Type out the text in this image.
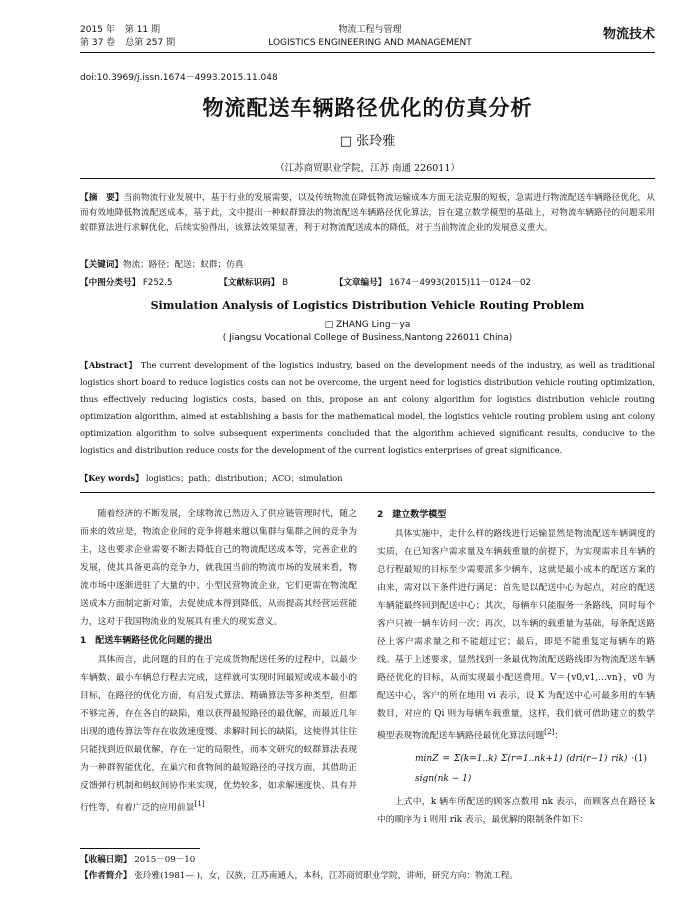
2015 年 第 11 期
第 37 卷 总第 257 期
物流工程与管理
LOGISTICS ENGINEERING AND MANAGEMENT
物流技术
doi:10.3969/j.issn.1674－4993.2015.11.048
物流配送车辆路径优化的仿真分析
□ 张玲雅
（江苏商贸职业学院，江苏 南通 226011）
【摘　要】当前物流行业发展中，基于行业的发展需要，以及传统物流在降低物流运输成本方面无法克服的短板，急需进行物流配送车辆路径优化，从而有效地降低物流配送成本，基于此，文中提出一种蚁群算法的物流配送车辆路径优化算法，旨在建立数学模型的基础上，对物流车辆路径的问题采用蚁群算法进行求解优化，后续实验得出，该算法效果显著，利于对物流配送成本的降低，对于当前物流企业的发展意义重大。
【关键词】物流；路径；配送；蚁群；仿真
【中图分类号】 F252.5	【文献标识码】 B	【文章编号】 1674－4993(2015)11－0124－02
Simulation Analysis of Logistics Distribution Vehicle Routing Problem
□ ZHANG Ling－ya
( Jiangsu Vocational College of Business,Nantong 226011 China)
【Abstract】 The current development of the logistics industry, based on the development needs of the industry, as well as traditional logistics short board to reduce logistics costs can not be overcome, the urgent need for logistics distribution vehicle routing optimization, thus effectively reducing logistics costs, based on this, propose an ant colony algorithm for logistics distribution vehicle routing optimization algorithm, aimed at establishing a basis for the mathematical model, the logistics vehicle routing problem using ant colony optimization algorithm to solve subsequent experiments concluded that the algorithm achieved significant results, conducive to the logistics and distribution reduce costs for the development of the current logistics enterprises of great significance.
【Key words】 logistics；path；distribution；ACO；simulation

随着经济的不断发展，全球物流已然迈入了供应链管理时代，随之而来的效应是，物流企业间的竞争将越来越以集群与集群之间的竞争为主，这也要求企业需要不断去降低自己的物流配送成本等，完善企业的发展，使其具备更高的竞争力，就我国当前的物流市场的发展来看，物流市场中逐渐进驻了大量的中、小型民营物流企业，它们更需在物流配送成本方面制定新对策，去促使成本得到降低，从而提高其经营运营能力，这对于我国物流业的发展具有重大的现实意义。

1　配送车辆路径优化问题的提出

具体而言，此问题的目的在于完成货物配送任务的过程中，以最少车辆数、最小车辆总行程去完成，这样就可实现时间最短或成本最小的目标，在路径的优化方面，有启发式算法、精确算法等多种类型，但都不够完善，存在各自的缺陷，难以获得最短路径的最优解，而最近几年出现的遗传算法等存在收敛速度慢、求解时间长的缺陷，这使得其往往只能找到近似最优解，存在一定的局限性，而本文研究的蚁群算法表现为一种群智能优化，在巢穴和食物间的最短路径的寻找方面，其借助正反馈弹行机制和蚂蚁间协作来实现，优势较多，如求解速度快、具有并行性等，有着广泛的应用前景[1]

2　建立数学模型

具体实施中，走什么样的路线进行运输显然是物流配送车辆调度的实质，在已知客户需求量及车辆载重量的前提下，为实现需求且车辆的总行程最短的目标至少需要派多少辆车，这就是最小成本的配送方案的由来，需对以下条件进行满足：首先是以配送中心为起点，对应的配送车辆能最终回到配送中心；其次，每辆车只能服务一条路线，同时每个客户只被一辆车访问一次；再次，以车辆的载重量为基础，每条配送路径上客户需求量之和不能超过它；最后，即是不能重复定每辆车的路线。基于上述要求，显然找到一条最优物流配送路线即为物流配送车辆路径优化的目标，从而实现最小配送费用。V＝{v0,v1,…vn}，v0 为配送中心，客户的所在地用 vi 表示，设 K 为配送中心可最多用的车辆数目，对应的 Qi 则为每辆车载重量，这样，我们就可借助建立的数学模型表现物流配送车辆路径最优化算法问题[2]：

minZ = Σ(k=1..k) Σ(r=1..nk+1) (dri(r−1) rik) · sign(nk − 1)
(1)

上式中，k 辆车所配送的顾客点数用 nk 表示，而顾客点在路径 k 中的顺序为 i 则用 rik 表示，最优解的限制条件如下：

【收稿日期】 2015－09－10
【作者简介】 张玲雅(1981— )，女，汉族，江苏南通人，本科，江苏商贸职业学院，讲师，研究方向：物流工程。
